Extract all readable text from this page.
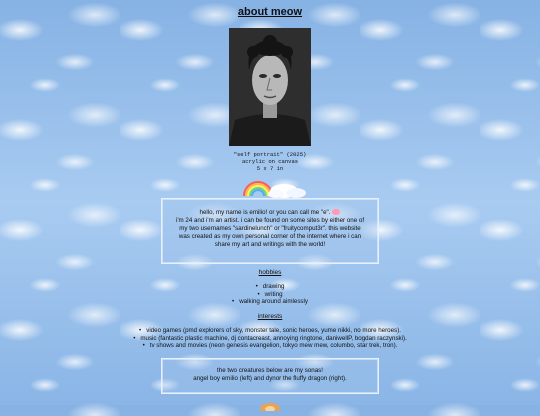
about meow
"self portrait" (2025)
acrylic on canvas
5 x 7 in
hello, my name is emilio! or you can call me "e".
i'm 24 and i'm an artist. i can be found on some sites by either one of
my two usernames "sardinelunch" or "fruitycomput3r". this website
was created as my own personal corner of the internet where i can
share my art and writings with the world!
hobbies
• drawing
• writing
• walking around aimlessly
interests
• video games (pmd explorers of sky, monster tale, sonic heroes, yume nikki, no more heroes).
• music (fantastic plastic machine, dj contacreast, annoying ringtone, daniwellP, bogdan raczynski).
• tv shows and movies (neon genesis evangelion, tokyo mew mew, columbo, star trek, tron).
the two creatures below are my sonas!
angel boy emilio (left) and dynor the fluffy dragon (right).
